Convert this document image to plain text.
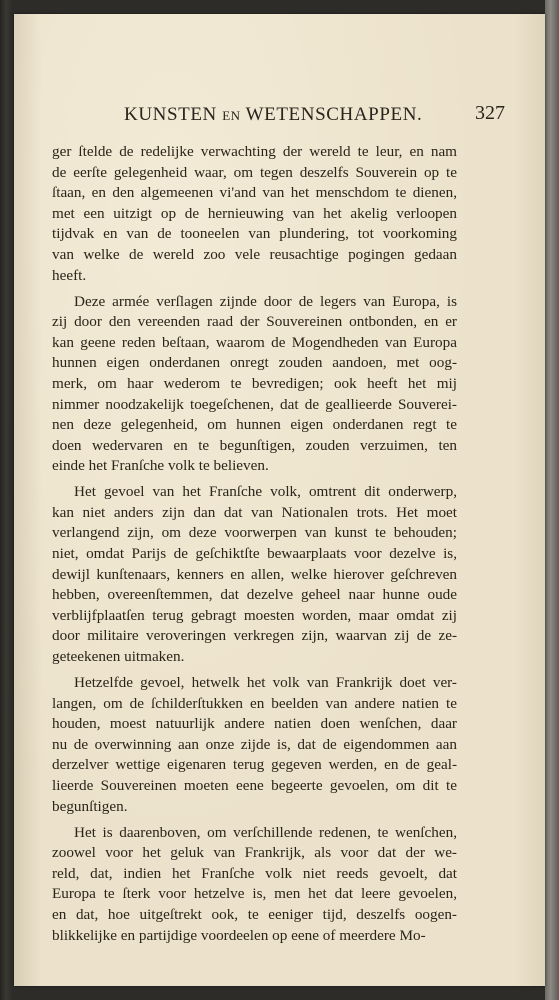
KUNSTEN EN WETENSCHAPPEN.	327
ger ſtelde de redelijke verwachting der wereld te leur, en nam
de eerſte gelegenheid waar, om tegen deszelfs Souverein op te
ſtaan, en den algemeenen vi'and van het menschdom te dienen,
met een uitzigt op de hernieuwing van het akelig verloopen
tijdvak en van de tooneelen van plundering, tot voorkoming
van welke de wereld zoo vele reusachtige pogingen gedaan
heeft.
Deze armée verſlagen zijnde door de legers van Europa, is
zij door den vereenden raad der Souvereinen ontbonden, en er
kan geene reden beſtaan, waarom de Mogendheden van Europa
hunnen eigen onderdanen onregt zouden aandoen, met oog-
merk, om haar wederom te bevredigen; ook heeft het mij
nimmer noodzakelijk toegeſchenen, dat de geallieerde Souverei-
nen deze gelegenheid, om hunnen eigen onderdanen regt te
doen wedervaren en te begunſtigen, zouden verzuimen, ten
einde het Franſche volk te believen.
Het gevoel van het Franſche volk, omtrent dit onderwerp,
kan niet anders zijn dan dat van Nationalen trots. Het moet
verlangend zijn, om deze voorwerpen van kunst te behouden;
niet, omdat Parijs de geſchiktſte bewaarplaats voor dezelve is,
dewijl kunſtenaars, kenners en allen, welke hierover geſchreven
hebben, overeenſtemmen, dat dezelve geheel naar hunne oude
verblijfplaatſen terug gebragt moesten worden, maar omdat zij
door militaire veroveringen verkregen zijn, waarvan zij de ze-
geteekenen uitmaken.
Hetzelfde gevoel, hetwelk het volk van Frankrijk doet ver-
langen, om de ſchilderſtukken en beelden van andere natien te
houden, moest natuurlijk andere natien doen wenſchen, daar
nu de overwinning aan onze zijde is, dat de eigendommen aan
derzelver wettige eigenaren terug gegeven werden, en de geal-
lieerde Souvereinen moeten eene begeerte gevoelen, om dit te
begunſtigen.
Het is daarenboven, om verſchillende redenen, te wenſchen,
zoowel voor het geluk van Frankrijk, als voor dat der we-
reld, dat, indien het Franſche volk niet reeds gevoelt, dat
Europa te ſterk voor hetzelve is, men het dat leere gevoelen,
en dat, hoe uitgeſtrekt ook, te eeniger tijd, deszelfs oogen-
blikkelijke en partijdige voordeelen op eene of meerdere Mo-
